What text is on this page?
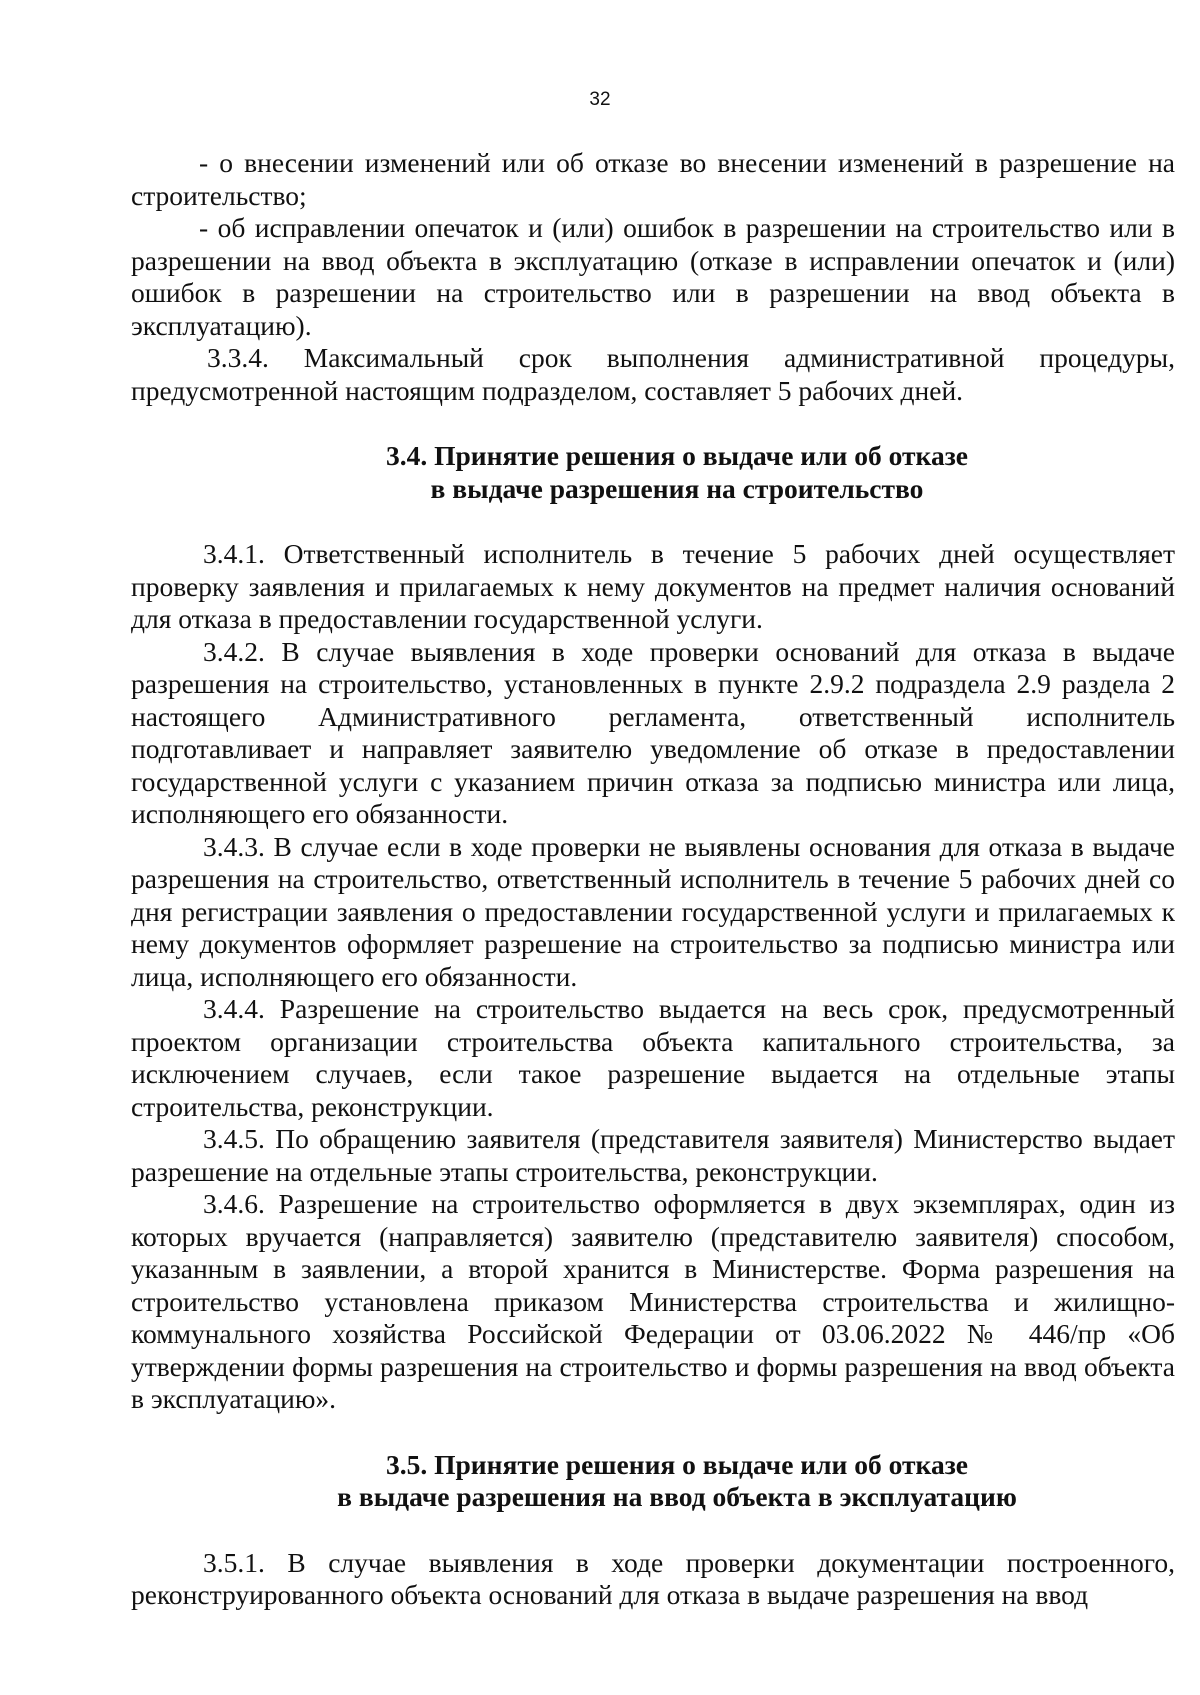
32

- о внесении изменений или об отказе во внесении изменений в разрешение на строительство;

- об исправлении опечаток и (или) ошибок в разрешении на строительство или в разрешении на ввод объекта в эксплуатацию (отказе в исправлении опечаток и (или) ошибок в разрешении на строительство или в разрешении на ввод объекта в эксплуатацию).

3.3.4. Максимальный срок выполнения административной процедуры, предусмотренной настоящим подразделом, составляет 5 рабочих дней.

3.4. Принятие решения о выдаче или об отказе

в выдаче разрешения на строительство

3.4.1. Ответственный исполнитель в течение 5 рабочих дней осуществляет проверку заявления и прилагаемых к нему документов на предмет наличия оснований для отказа в предоставлении государственной услуги.

3.4.2. В случае выявления в ходе проверки оснований для отказа в выдаче разрешения на строительство, установленных в пункте 2.9.2 подраздела 2.9 раздела 2 настоящего Административного регламента, ответственный исполнитель подготавливает и направляет заявителю уведомление об отказе в предоставлении государственной услуги с указанием причин отказа за подписью министра или лица, исполняющего его обязанности.

3.4.3. В случае если в ходе проверки не выявлены основания для отказа в выдаче разрешения на строительство, ответственный исполнитель в течение 5 рабочих дней со дня регистрации заявления о предоставлении государственной услуги и прилагаемых к нему документов оформляет разрешение на строительство за подписью министра или лица, исполняющего его обязанности.

3.4.4. Разрешение на строительство выдается на весь срок, предусмотренный проектом организации строительства объекта капитального строительства, за исключением случаев, если такое разрешение выдается на отдельные этапы строительства, реконструкции.

3.4.5. По обращению заявителя (представителя заявителя) Министерство выдает разрешение на отдельные этапы строительства, реконструкции.

3.4.6. Разрешение на строительство оформляется в двух экземплярах, один из которых вручается (направляется) заявителю (представителю заявителя) способом, указанным в заявлении, а второй хранится в Министерстве. Форма разрешения на строительство установлена приказом Министерства строительства и жилищно-коммунального хозяйства Российской Федерации от 03.06.2022 № 446/пр «Об утверждении формы разрешения на строительство и формы разрешения на ввод объекта в эксплуатацию».

3.5. Принятие решения о выдаче или об отказе

в выдаче разрешения на ввод объекта в эксплуатацию

3.5.1. В случае выявления в ходе проверки документации построенного, реконструированного объекта оснований для отказа в выдаче разрешения на ввод
